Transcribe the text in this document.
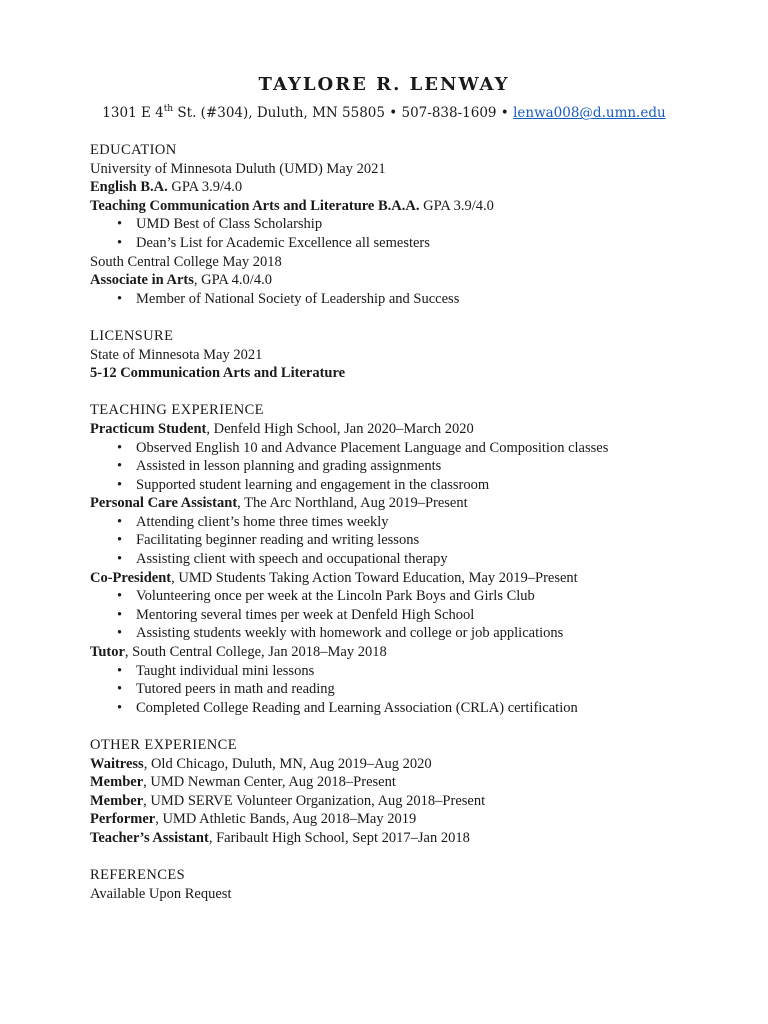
TAYLORE R. LENWAY
1301 E 4th St. (#304), Duluth, MN 55805 • 507-838-1609 • lenwa008@d.umn.edu
EDUCATION
University of Minnesota Duluth (UMD) May 2021
English B.A. GPA 3.9/4.0
Teaching Communication Arts and Literature B.A.A. GPA 3.9/4.0
• UMD Best of Class Scholarship
• Dean’s List for Academic Excellence all semesters
South Central College May 2018
Associate in Arts, GPA 4.0/4.0
• Member of National Society of Leadership and Success
LICENSURE
State of Minnesota May 2021
5-12 Communication Arts and Literature
TEACHING EXPERIENCE
Practicum Student, Denfeld High School, Jan 2020–March 2020
• Observed English 10 and Advance Placement Language and Composition classes
• Assisted in lesson planning and grading assignments
• Supported student learning and engagement in the classroom
Personal Care Assistant, The Arc Northland, Aug 2019–Present
• Attending client’s home three times weekly
• Facilitating beginner reading and writing lessons
• Assisting client with speech and occupational therapy
Co-President, UMD Students Taking Action Toward Education, May 2019–Present
• Volunteering once per week at the Lincoln Park Boys and Girls Club
• Mentoring several times per week at Denfeld High School
• Assisting students weekly with homework and college or job applications
Tutor, South Central College, Jan 2018–May 2018
• Taught individual mini lessons
• Tutored peers in math and reading
• Completed College Reading and Learning Association (CRLA) certification
OTHER EXPERIENCE
Waitress, Old Chicago, Duluth, MN, Aug 2019–Aug 2020
Member, UMD Newman Center, Aug 2018–Present
Member, UMD SERVE Volunteer Organization, Aug 2018–Present
Performer, UMD Athletic Bands, Aug 2018–May 2019
Teacher’s Assistant, Faribault High School, Sept 2017–Jan 2018
REFERENCES
Available Upon Request
